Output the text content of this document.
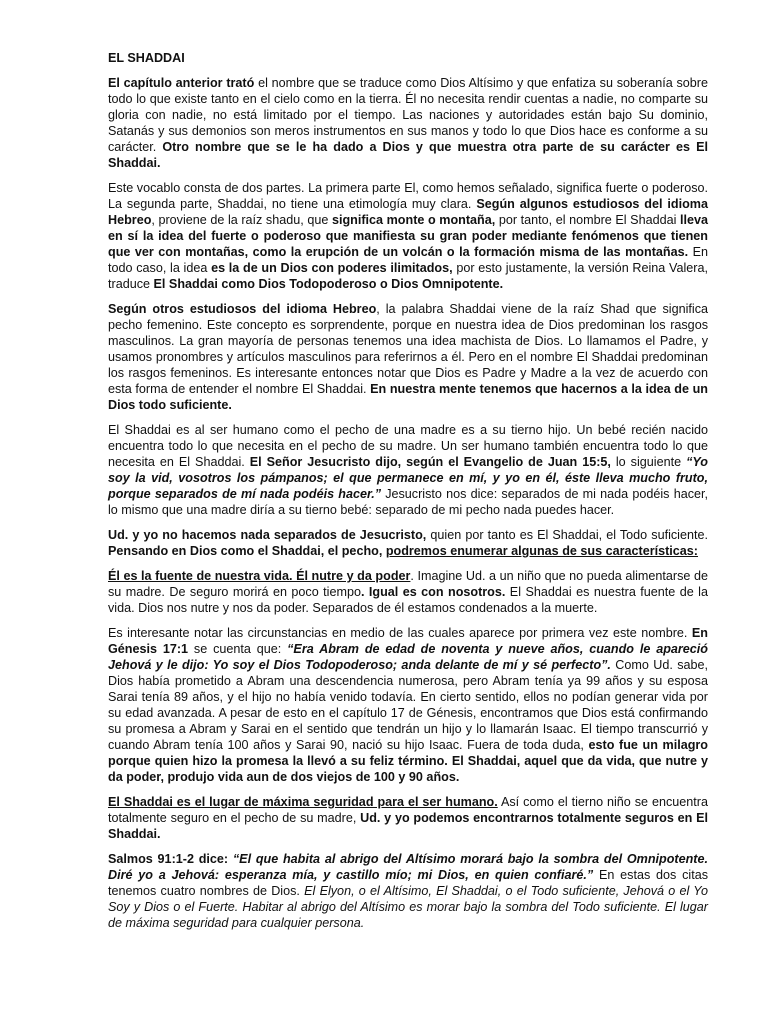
EL SHADDAI
El capítulo anterior trató el nombre que se traduce como Dios Altísimo y que enfatiza su soberanía sobre todo lo que existe tanto en el cielo como en la tierra. Él no necesita rendir cuentas a nadie, no comparte su gloria con nadie, no está limitado por el tiempo. Las naciones y autoridades están bajo Su dominio, Satanás y sus demonios son meros instrumentos en sus manos y todo lo que Dios hace es conforme a su carácter. Otro nombre que se le ha dado a Dios y que muestra otra parte de su carácter es El Shaddai.
Este vocablo consta de dos partes. La primera parte El, como hemos señalado, significa fuerte o poderoso. La segunda parte, Shaddai, no tiene una etimología muy clara. Según algunos estudiosos del idioma Hebreo, proviene de la raíz shadu, que significa monte o montaña, por tanto, el nombre El Shaddai lleva en sí la idea del fuerte o poderoso que manifiesta su gran poder mediante fenómenos que tienen que ver con montañas, como la erupción de un volcán o la formación misma de las montañas. En todo caso, la idea es la de un Dios con poderes ilimitados, por esto justamente, la versión Reina Valera, traduce El Shaddai como Dios Todopoderoso o Dios Omnipotente.
Según otros estudiosos del idioma Hebreo, la palabra Shaddai viene de la raíz Shad que significa pecho femenino. Este concepto es sorprendente, porque en nuestra idea de Dios predominan los rasgos masculinos. La gran mayoría de personas tenemos una idea machista de Dios. Lo llamamos el Padre, y usamos pronombres y artículos masculinos para referirnos a él. Pero en el nombre El Shaddai predominan los rasgos femeninos. Es interesante entonces notar que Dios es Padre y Madre a la vez de acuerdo con esta forma de entender el nombre El Shaddai. En nuestra mente tenemos que hacernos a la idea de un Dios todo suficiente.
El Shaddai es al ser humano como el pecho de una madre es a su tierno hijo. Un bebé recién nacido encuentra todo lo que necesita en el pecho de su madre. Un ser humano también encuentra todo lo que necesita en El Shaddai. El Señor Jesucristo dijo, según el Evangelio de Juan 15:5, lo siguiente “Yo soy la vid, vosotros los pámpanos; el que permanece en mí, y yo en él, éste lleva mucho fruto, porque separados de mí nada podéis hacer.” Jesucristo nos dice: separados de mi nada podéis hacer, lo mismo que una madre diría a su tierno bebé: separado de mi pecho nada puedes hacer.
Ud. y yo no hacemos nada separados de Jesucristo, quien por tanto es El Shaddai, el Todo suficiente. Pensando en Dios como el Shaddai, el pecho, podremos enumerar algunas de sus características:
Él es la fuente de nuestra vida. Él nutre y da poder. Imagine Ud. a un niño que no pueda alimentarse de su madre. De seguro morirá en poco tiempo. Igual es con nosotros. El Shaddai es nuestra fuente de la vida. Dios nos nutre y nos da poder. Separados de él estamos condenados a la muerte.
Es interesante notar las circunstancias en medio de las cuales aparece por primera vez este nombre. En Génesis 17:1 se cuenta que: “Era Abram de edad de noventa y nueve años, cuando le apareció Jehová y le dijo: Yo soy el Dios Todopoderoso; anda delante de mí y sé perfecto”. Como Ud. sabe, Dios había prometido a Abram una descendencia numerosa, pero Abram tenía ya 99 años y su esposa Sarai tenía 89 años, y el hijo no había venido todavía. En cierto sentido, ellos no podían generar vida por su edad avanzada. A pesar de esto en el capítulo 17 de Génesis, encontramos que Dios está confirmando su promesa a Abram y Sarai en el sentido que tendrán un hijo y lo llamarán Isaac. El tiempo transcurrió y cuando Abram tenía 100 años y Sarai 90, nació su hijo Isaac. Fuera de toda duda, esto fue un milagro porque quien hizo la promesa la llevó a su feliz término. El Shaddai, aquel que da vida, que nutre y da poder, produjo vida aun de dos viejos de 100 y 90 años.
El Shaddai es el lugar de máxima seguridad para el ser humano. Así como el tierno niño se encuentra totalmente seguro en el pecho de su madre, Ud. y yo podemos encontrarnos totalmente seguros en El Shaddai.
Salmos 91:1-2 dice: “El que habita al abrigo del Altísimo morará bajo la sombra del Omnipotente. Diré yo a Jehová: esperanza mía, y castillo mío; mi Dios, en quien confiaré.” En estas dos citas tenemos cuatro nombres de Dios. El Elyon, o el Altísimo, El Shaddai, o el Todo suficiente, Jehová o el Yo Soy y Dios o el Fuerte. Habitar al abrigo del Altísimo es morar bajo la sombra del Todo suficiente. El lugar de máxima seguridad para cualquier persona.
